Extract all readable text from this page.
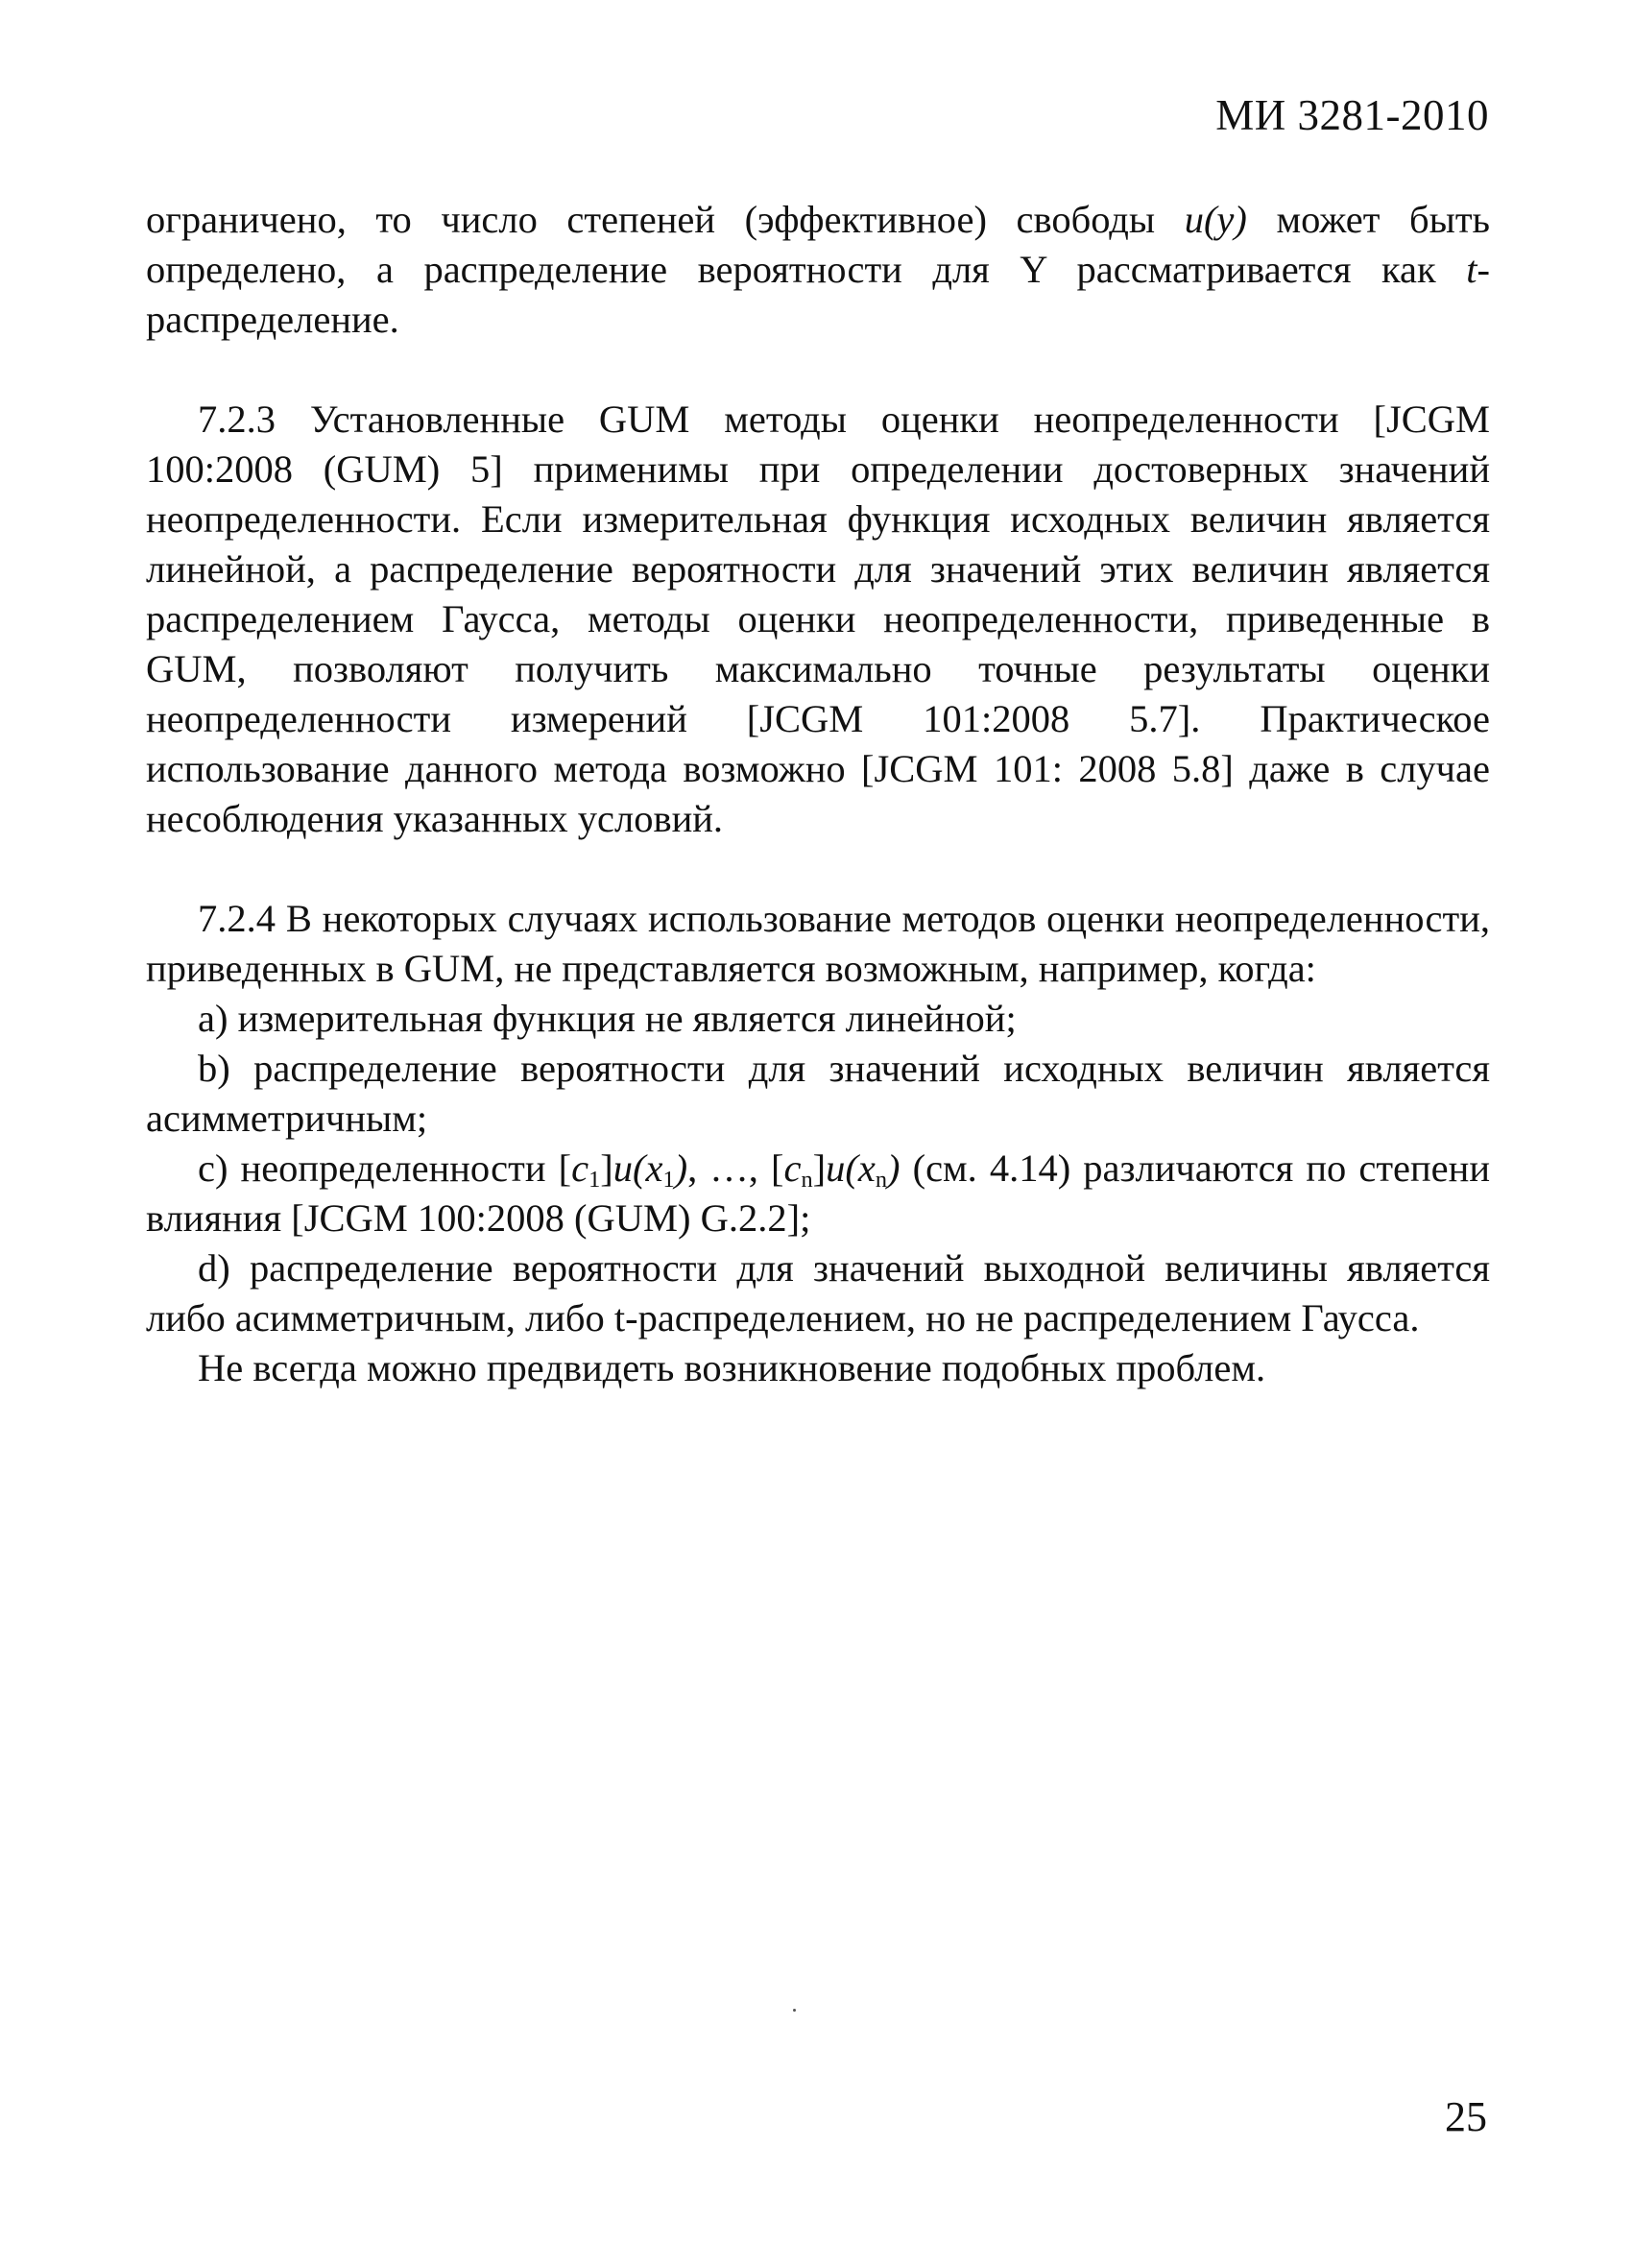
МИ 3281-2010

ограничено, то число степеней (эффективное) свободы u(y) может быть определено, а распределение вероятности для Y рассматривается как t-распределение.

7.2.3 Установленные GUM методы оценки неопределенности [JCGM 100:2008 (GUM) 5] применимы при определении достоверных значений неопределенности. Если измерительная функция исходных величин является линейной, а распределение вероятности для значений этих величин является распределением Гаусса, методы оценки неопределенности, приведенные в GUM, позволяют получить максимально точные результаты оценки неопределенности измерений [JCGM 101:2008 5.7]. Практическое использование данного метода возможно [JCGM 101: 2008 5.8] даже в случае несоблюдения указанных условий.

7.2.4 В некоторых случаях использование методов оценки неопределенности, приведенных в GUM, не представляется возможным, например, когда:

а) измерительная функция не является линейной;

b) распределение вероятности для значений исходных величин является асимметричным;

c) неопределенности $[c_1]u(x_1)$, …, $[c_n]u(x_n)$ (см. 4.14) различаются по степени влияния [JCGM 100:2008 (GUM) G.2.2];

d) распределение вероятности для значений выходной величины является либо асимметричным, либо t-распределением, но не распределением Гаусса.

Не всегда можно предвидеть возникновение подобных проблем.

25
